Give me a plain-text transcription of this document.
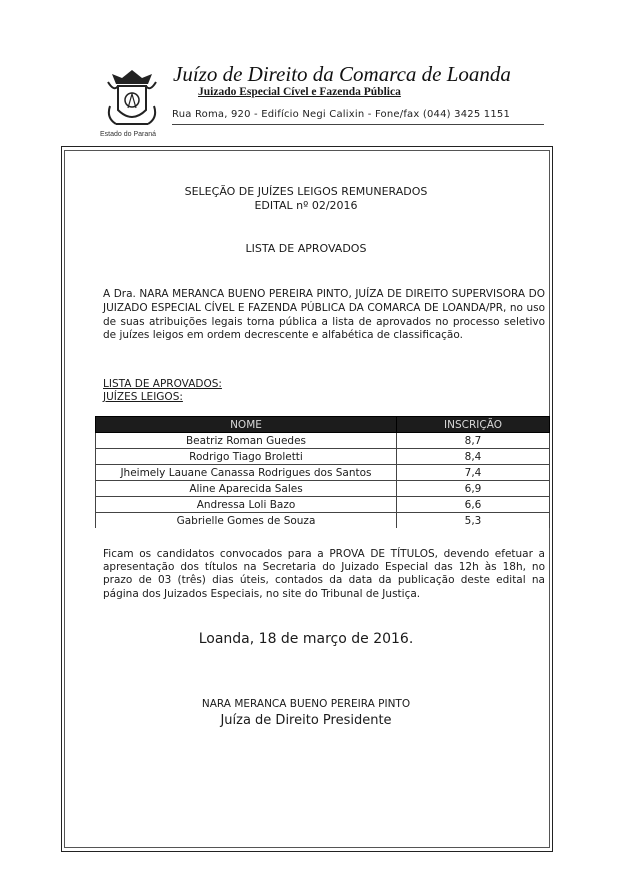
Estado do Paraná
Juízo de Direito da Comarca de Loanda
Juizado Especial Cível e Fazenda Pública
Rua Roma, 920 - Edifício Negi Calixin - Fone/fax (044) 3425 1151
SELEÇÃO DE JUÍZES LEIGOS REMUNERADOS
EDITAL nº 02/2016
LISTA DE APROVADOS
A Dra. NARA MERANCA BUENO PEREIRA PINTO, JUÍZA DE DIREITO SUPERVISORA DO JUIZADO ESPECIAL CÍVEL E FAZENDA PÚBLICA DA COMARCA DE LOANDA/PR, no uso de suas atribuições legais torna pública a lista de aprovados no processo seletivo de juízes leigos em ordem decrescente e alfabética de classificação.
LISTA DE APROVADOS:
JUÍZES LEIGOS:
NOME	INSCRIÇÃO
Beatriz Roman Guedes	8,7
Rodrigo Tiago Broletti	8,4
Jheimely Lauane Canassa Rodrigues dos Santos	7,4
Aline Aparecida Sales	6,9
Andressa Loli Bazo	6,6
Gabrielle Gomes de Souza	5,3
Ficam os candidatos convocados para a PROVA DE TÍTULOS, devendo efetuar a apresentação dos títulos na Secretaria do Juizado Especial das 12h às 18h, no prazo de 03 (três) dias úteis, contados da data da publicação deste edital na página dos Juizados Especiais, no site do Tribunal de Justiça.
Loanda, 18 de março de 2016.
NARA MERANCA BUENO PEREIRA PINTO
Juíza de Direito Presidente
